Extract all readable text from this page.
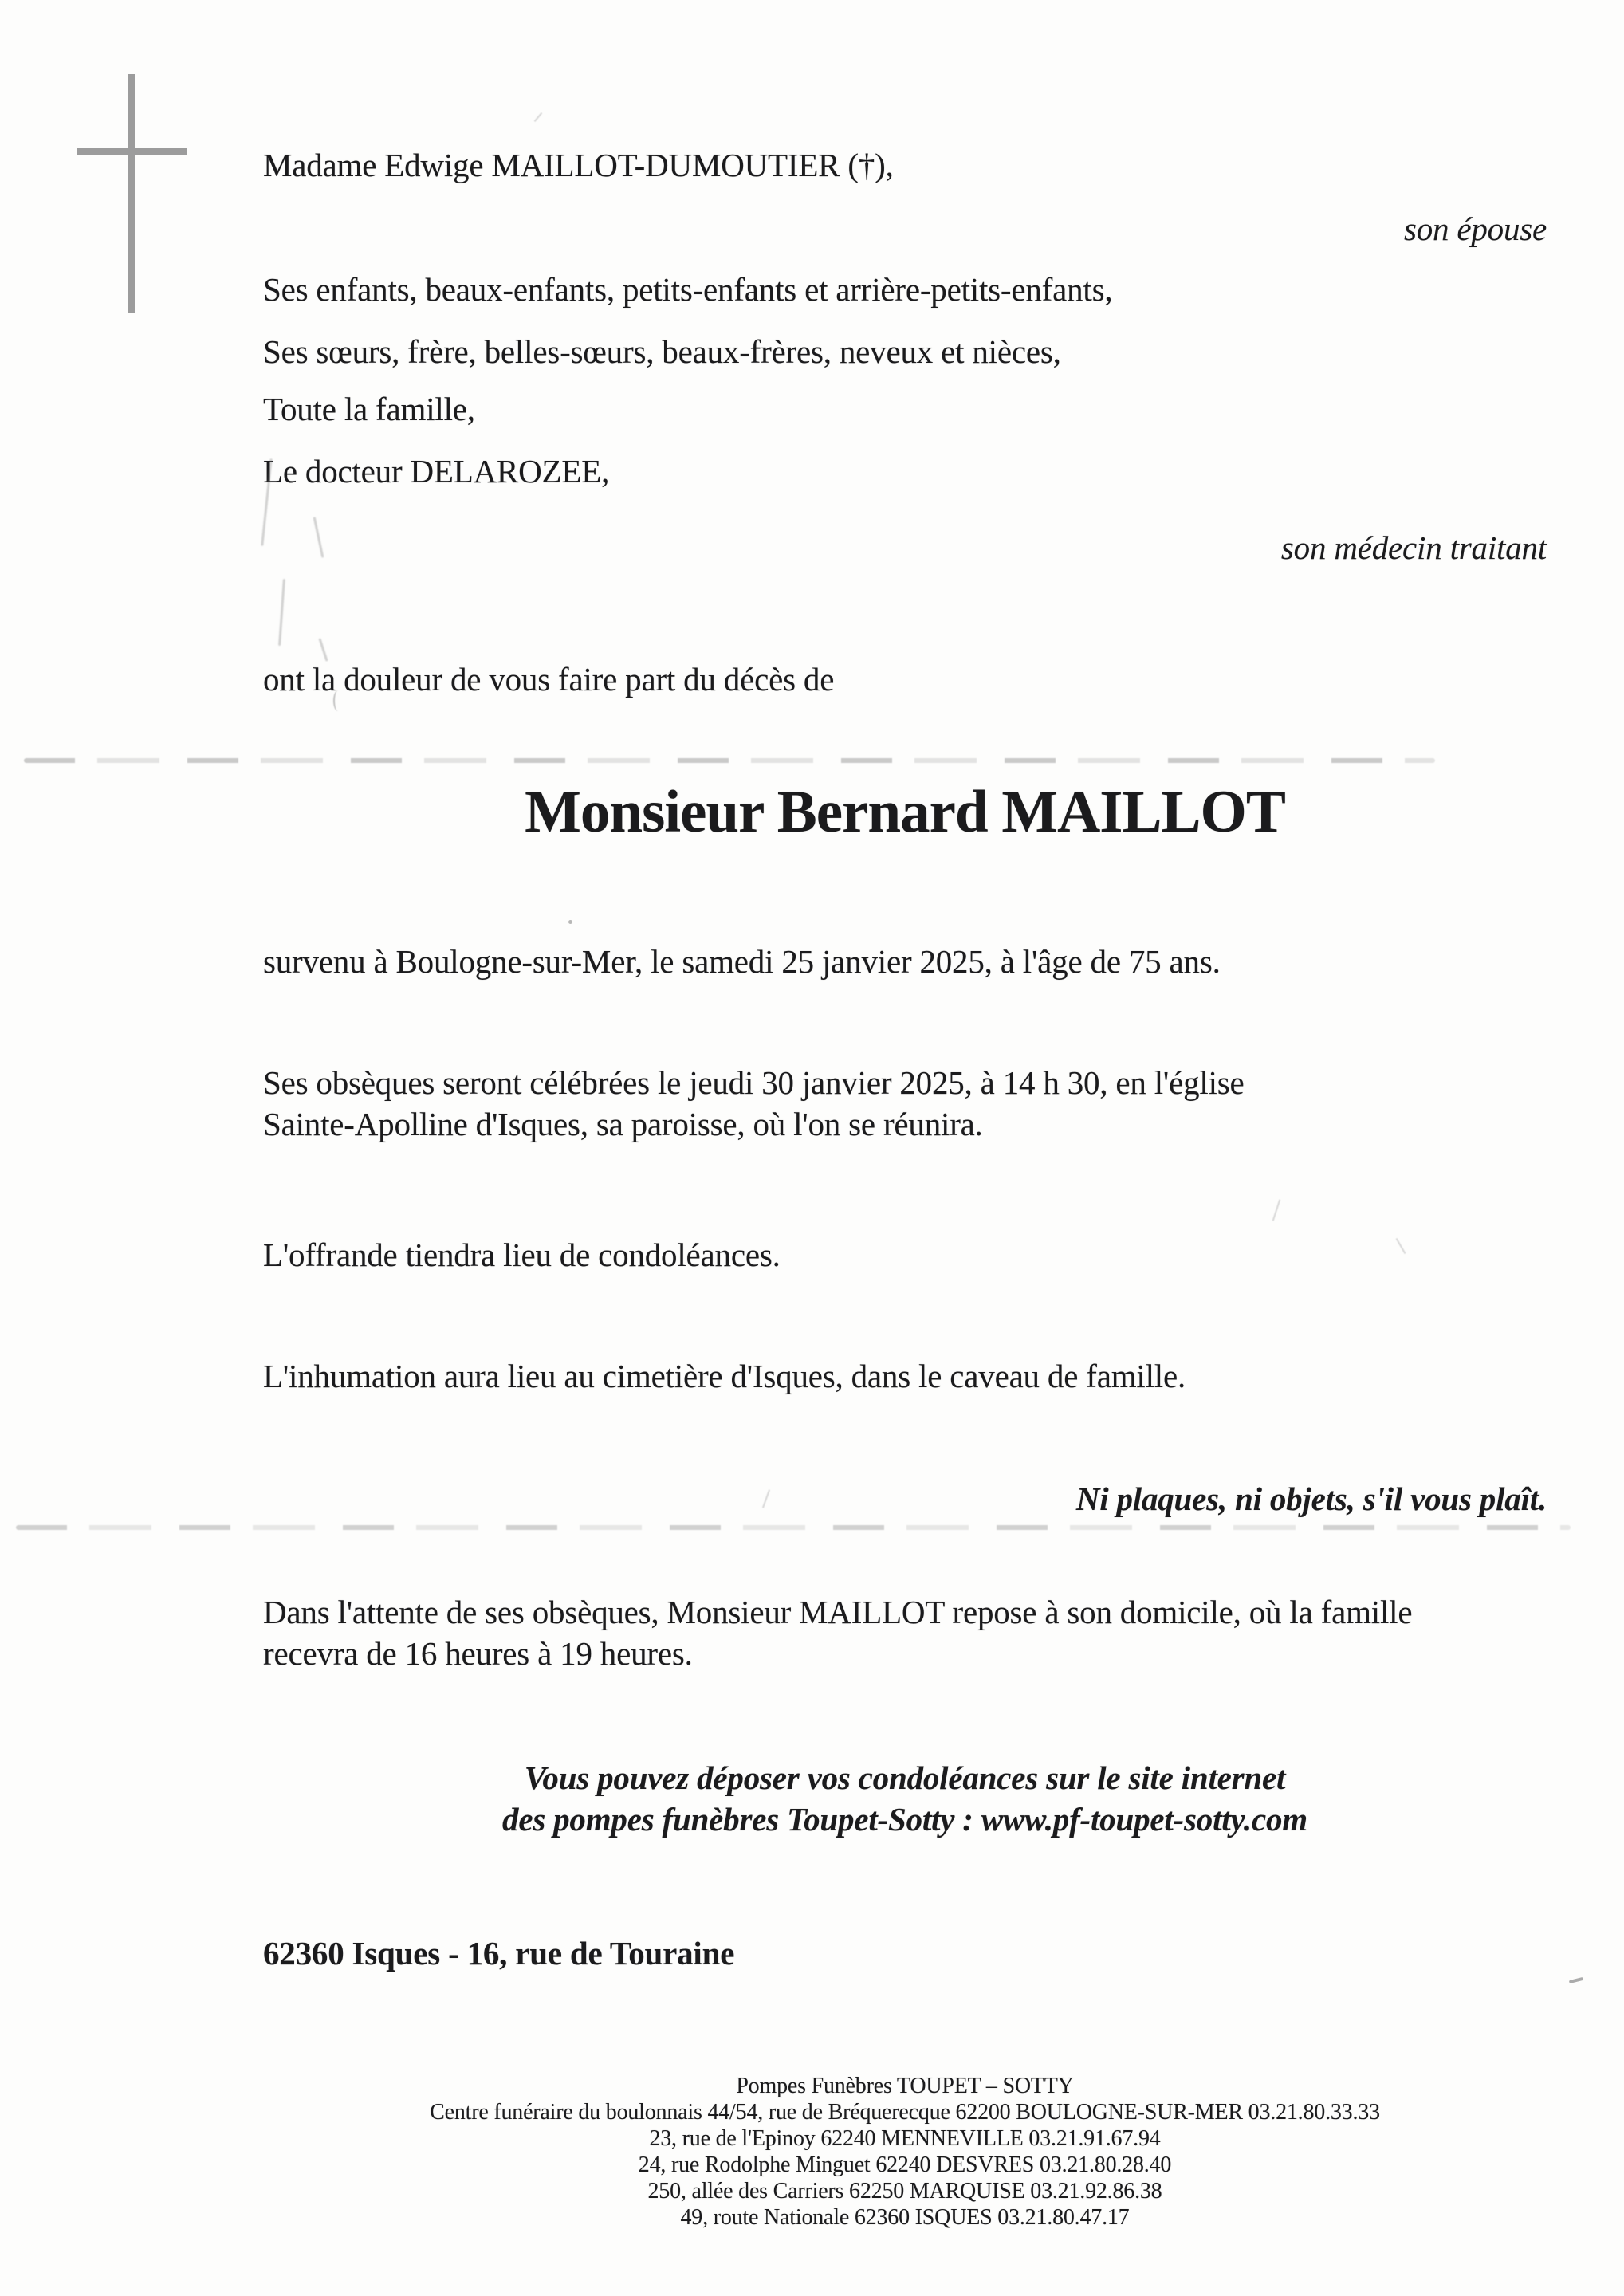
Madame Edwige MAILLOT-DUMOUTIER (†),
son épouse
Ses enfants, beaux-enfants, petits-enfants et arrière-petits-enfants,
Ses sœurs, frère, belles-sœurs, beaux-frères, neveux et nièces,
Toute la famille,
Le docteur DELAROZEE,
son médecin traitant
ont la douleur de vous faire part du décès de
Monsieur Bernard MAILLOT
survenu à Boulogne-sur-Mer, le samedi 25 janvier 2025, à l'âge de 75 ans.
Ses obsèques seront célébrées le jeudi 30 janvier 2025, à 14 h 30, en l'église
Sainte-Apolline d'Isques, sa paroisse, où l'on se réunira.
L'offrande tiendra lieu de condoléances.
L'inhumation aura lieu au cimetière d'Isques, dans le caveau de famille.
Ni plaques, ni objets, s'il vous plaît.
Dans l'attente de ses obsèques, Monsieur MAILLOT repose à son domicile, où la famille
recevra de 16 heures à 19 heures.
Vous pouvez déposer vos condoléances sur le site internet
des pompes funèbres Toupet-Sotty : www.pf-toupet-sotty.com
62360 Isques - 16, rue de Touraine
Pompes Funèbres TOUPET – SOTTY
Centre funéraire du boulonnais 44/54, rue de Bréquerecque 62200 BOULOGNE-SUR-MER 03.21.80.33.33
23, rue de l'Epinoy 62240 MENNEVILLE 03.21.91.67.94
24, rue Rodolphe Minguet 62240 DESVRES 03.21.80.28.40
250, allée des Carriers 62250 MARQUISE 03.21.92.86.38
49, route Nationale 62360 ISQUES 03.21.80.47.17
